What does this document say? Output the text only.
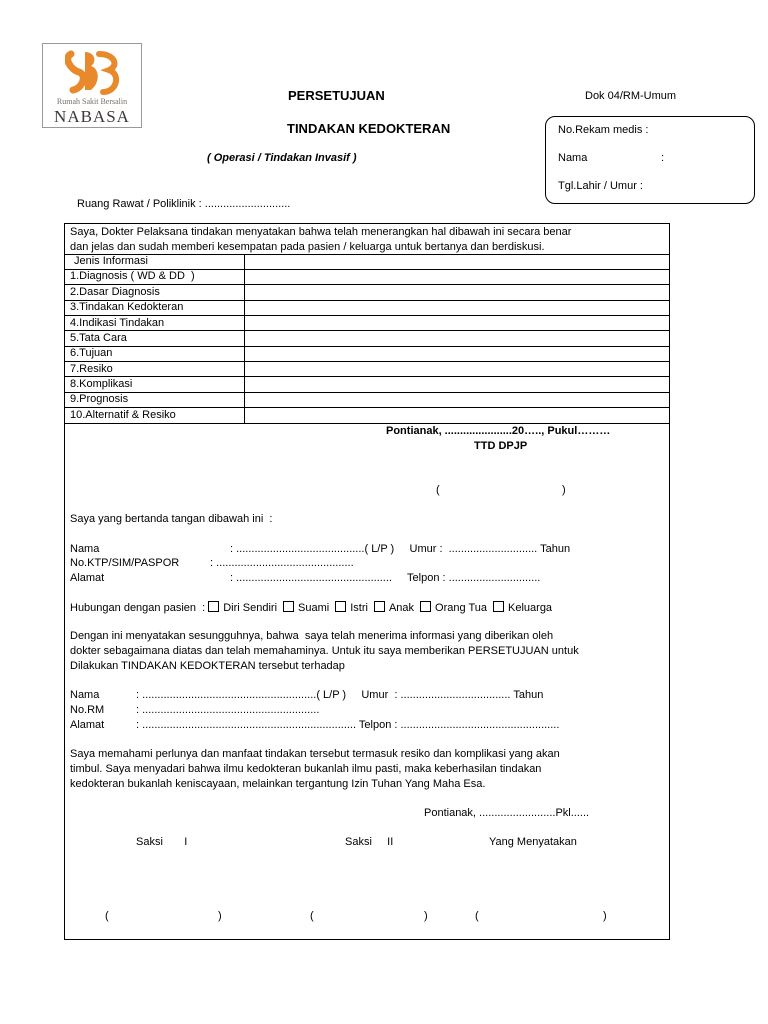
Rumah Sakit Bersalin
NABASA
PERSETUJUAN	Dok 04/RM-Umum
TINDAKAN KEDOKTERAN
( Operasi / Tindakan Invasif )
No.Rekam medis :
Nama	:
Tgl.Lahir / Umur :
Ruang Rawat / Poliklinik : ............................
Saya, Dokter Pelaksana tindakan menyatakan bahwa telah menerangkan hal dibawah ini secara benar
dan jelas dan sudah memberi kesempatan pada pasien / keluarga untuk bertanya dan berdiskusi.
Jenis Informasi
1.Diagnosis ( WD & DD  )
2.Dasar Diagnosis
3.Tindakan Kedokteran
4.Indikasi Tindakan
5.Tata Cara
6.Tujuan
7.Resiko
8.Komplikasi
9.Prognosis
10.Alternatif & Resiko
Pontianak, ......................20….., Pukul………
TTD DPJP
(	)
Saya yang bertanda tangan dibawah ini  :
Nama	: ..........................................( L/P )     Umur :  ............................. Tahun
No.KTP/SIM/PASPOR	: .............................................
Alamat	: ...................................................     Telpon : ..............................
Hubungan dengan pasien  : Diri Sendiri Suami Istri Anak Orang Tua Keluarga
Dengan ini menyatakan sesungguhnya, bahwa  saya telah menerima informasi yang diberikan oleh
dokter sebagaimana diatas dan telah memahaminya. Untuk itu saya memberikan PERSETUJUAN untuk
Dilakukan TINDAKAN KEDOKTERAN tersebut terhadap
Nama	: .........................................................( L/P )     Umur  : .................................... Tahun
No.RM	: ..........................................................
Alamat	: ...................................................................... Telpon : ....................................................
Saya memahami perlunya dan manfaat tindakan tersebut termasuk resiko dan komplikasi yang akan
timbul. Saya menyadari bahwa ilmu kedokteran bukanlah ilmu pasti, maka keberhasilan tindakan
kedokteran bukanlah keniscayaan, melainkan tergantung Izin Tuhan Yang Maha Esa.
Pontianak, .........................Pkl......
Saksi       I	Saksi     II	Yang Menyatakan
(	)	(	)	(	)
